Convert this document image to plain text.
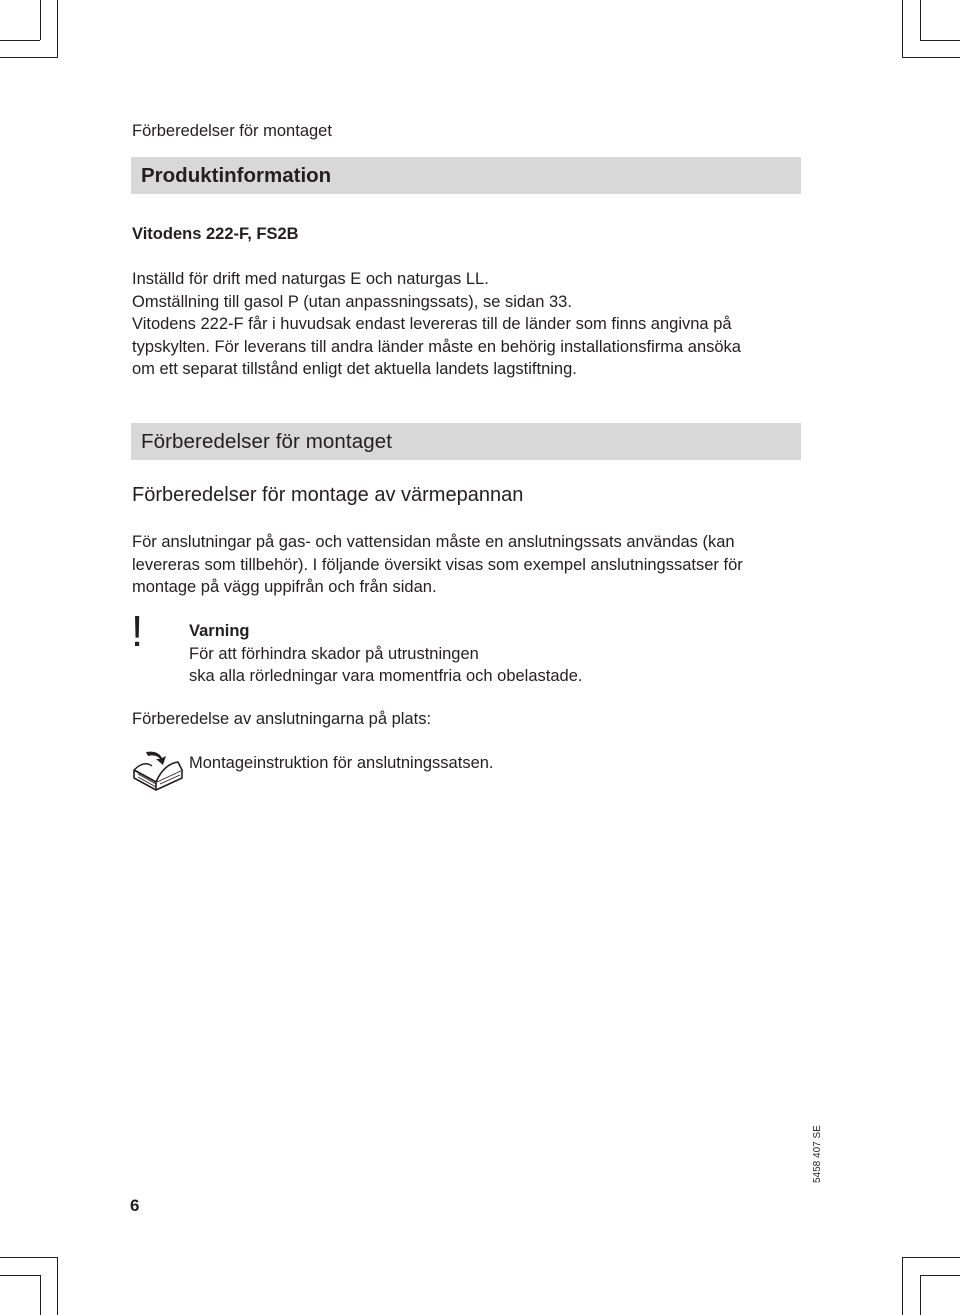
Förberedelser för montaget
Produktinformation
Vitodens 222-F, FS2B
Inställd för drift med naturgas E och naturgas LL.
Omställning till gasol P (utan anpassningssats), se sidan 33.
Vitodens 222-F får i huvudsak endast levereras till de länder som finns angivna på
typskylten. För leverans till andra länder måste en behörig installationsfirma ansöka
om ett separat tillstånd enligt det aktuella landets lagstiftning.
Förberedelser för montaget
Förberedelser för montage av värmepannan
För anslutningar på gas- och vattensidan måste en anslutningssats användas (kan
levereras som tillbehör). I följande översikt visas som exempel anslutningssatser för
montage på vägg uppifrån och från sidan.
!	Varning
För att förhindra skador på utrustningen
ska alla rörledningar vara momentfria och obelastade.
Förberedelse av anslutningarna på plats:
Montageinstruktion för anslutningssatsen.
5458 407 SE
6
